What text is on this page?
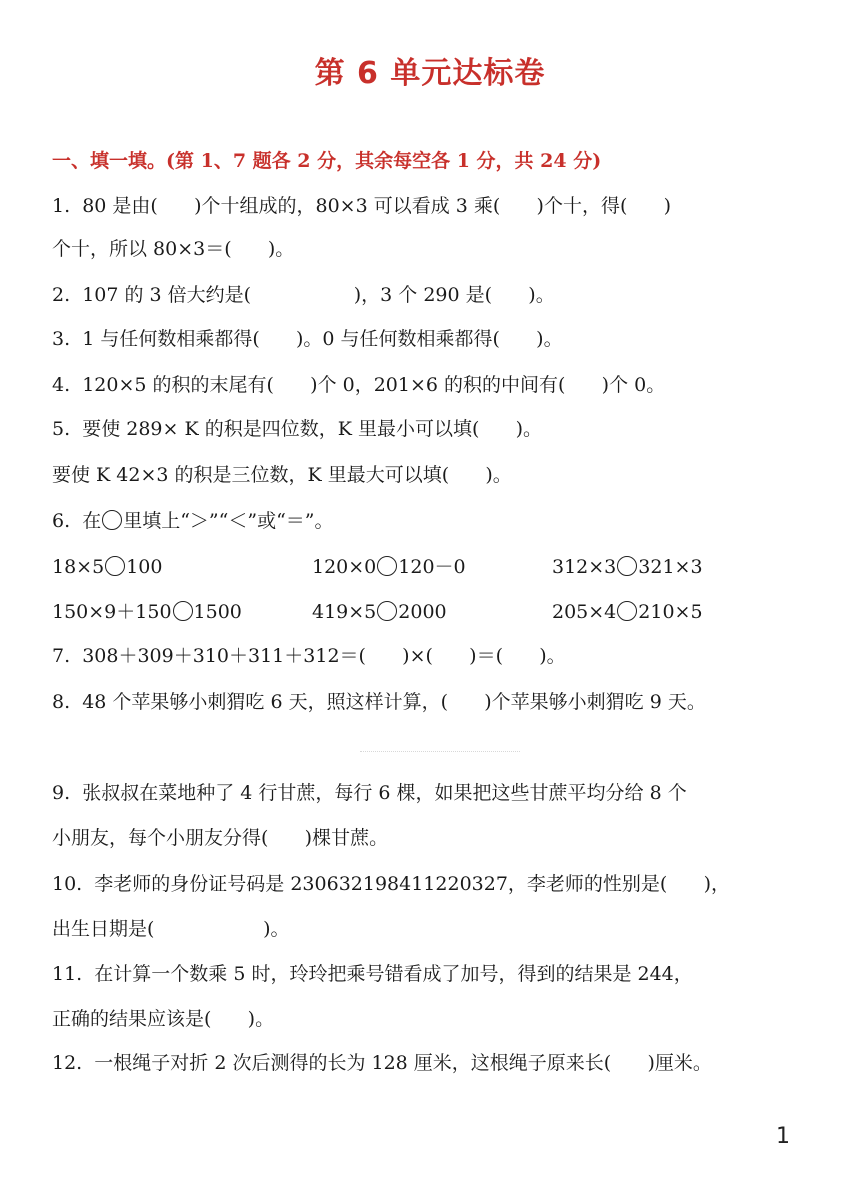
第 6 单元达标卷
一、填一填。(第 1、7 题各 2 分，其余每空各 1 分，共 24 分)
1.  80 是由(      )个十组成的，80×3 可以看成 3 乘(      )个十，得(      )
个十，所以 80×3＝(      )。
2.  107 的 3 倍大约是(                 )，3 个 290 是(      )。
3.  1 与任何数相乘都得(      )。0 与任何数相乘都得(      )。
4.  120×5 的积的末尾有(      )个 0，201×6 的积的中间有(      )个 0。
5.  要使 289× K 的积是四位数，K 里最小可以填(      )。
要使 K 42×3 的积是三位数，K 里最大可以填(      )。
6.  在 里填上“＞”“＜”或“＝”。
18×5 100	120×0 120－0	312×3 321×3
150×9＋150 1500	419×5 2000	205×4 210×5
7.  308＋309＋310＋311＋312＝(      )×(      )＝(      )。
8.  48 个苹果够小刺猬吃 6 天，照这样计算，(      )个苹果够小刺猬吃 9 天。
9.  张叔叔在菜地种了 4 行甘蔗，每行 6 棵，如果把这些甘蔗平均分给 8 个
小朋友，每个小朋友分得(      )棵甘蔗。
10.  李老师的身份证号码是 230632198411220327，李老师的性别是(      )，
出生日期是(                  )。
11.  在计算一个数乘 5 时，玲玲把乘号错看成了加号，得到的结果是 244，
正确的结果应该是(      )。
12.  一根绳子对折 2 次后测得的长为 128 厘米，这根绳子原来长(      )厘米。
1
